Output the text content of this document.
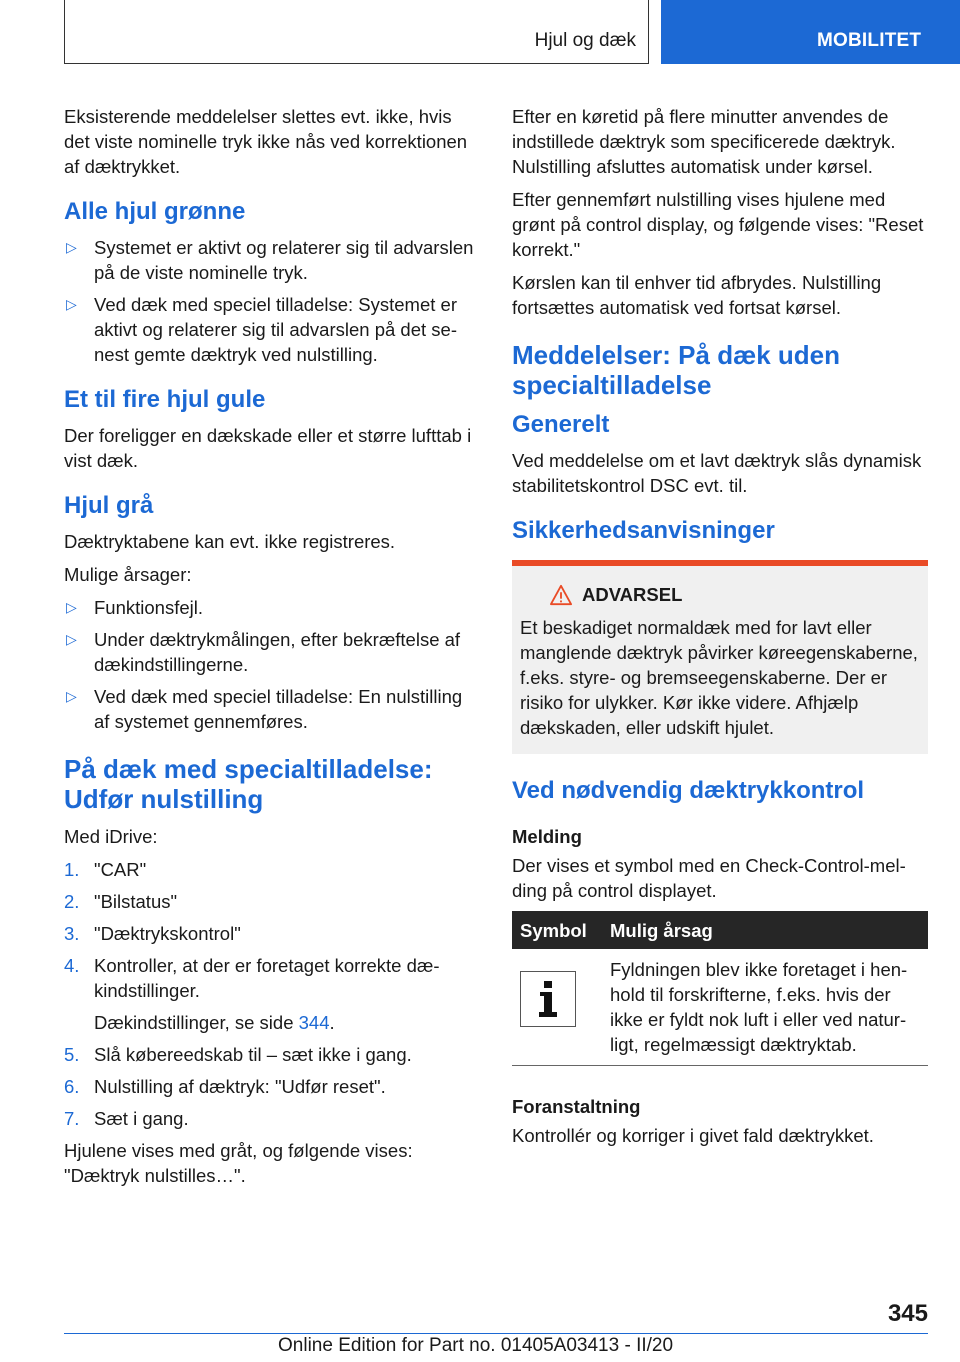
Hjul og dæk	MOBILITET

Eksisterende meddelelser slettes evt. ikke, hvis det viste nominelle tryk ikke nås ved korrektionen af dæktrykket.

Alle hjul grønne
▷ Systemet er aktivt og relaterer sig til advarslen på de viste nominelle tryk.
▷ Ved dæk med speciel tilladelse: Systemet er aktivt og relaterer sig til advarslen på det senest gemte dæktryk ved nulstilling.
Et til fire hjul gule

Der foreligger en dækskade eller et større lufttab i vist dæk.

Hjul grå

Dæktryktabene kan evt. ikke registreres.

Mulige årsager:

▷ Funktionsfejl.
▷ Under dæktrykmålingen, efter bekræftelse af dækindstillingerne.
▷ Ved dæk med speciel tilladelse: En nulstilling af systemet gennemføres.
På dæk med specialtilladelse: Udfør nulstilling

Med iDrive:

1. "CAR"
2. "Bilstatus"
3. "Dæktrykskontrol"
4. Kontroller, at der er foretaget korrekte dækindstillinger.

Dækindstillinger, se side 344.

5. Slå købereedskab til – sæt ikke i gang.
6. Nulstilling af dæktryk: "Udfør reset".
7. Sæt i gang.

Hjulene vises med gråt, og følgende vises: "Dæktryk nulstilles…".

Efter en køretid på flere minutter anvendes de indstillede dæktryk som specificerede dæktryk. Nulstilling afsluttes automatisk under kørsel.

Efter gennemført nulstilling vises hjulene med grønt på control display, og følgende vises: "Reset korrekt."

Kørslen kan til enhver tid afbrydes. Nulstilling fortsættes automatisk ved fortsat kørsel.

Meddelelser: På dæk uden specialtilladelse
Generelt

Ved meddelelse om et lavt dæktryk slås dynamisk stabilitetskontrol DSC evt. til.

Sikkerhedsanvisninger
ADVARSEL

Et beskadiget normaldæk med for lavt eller manglende dæktryk påvirker køreegenskaberne, f.eks. styre- og bremseegenskaberne. Der er risiko for ulykker. Kør ikke videre. Afhjælp dækskaden, eller udskift hjulet.

Ved nødvendig dæktrykkontrol
Melding

Der vises et symbol med en Check-Control-melding på control displayet.

Symbol	Mulig årsag

	Fyldningen blev ikke foretaget i henhold til forskrifterne, f.eks. hvis der ikke er fyldt nok luft i eller ved naturligt, regelmæssigt dæktryktab.
Foranstaltning

Kontrollér og korriger i givet fald dæktrykket.

345
Online Edition for Part no. 01405A03413 - II/20
